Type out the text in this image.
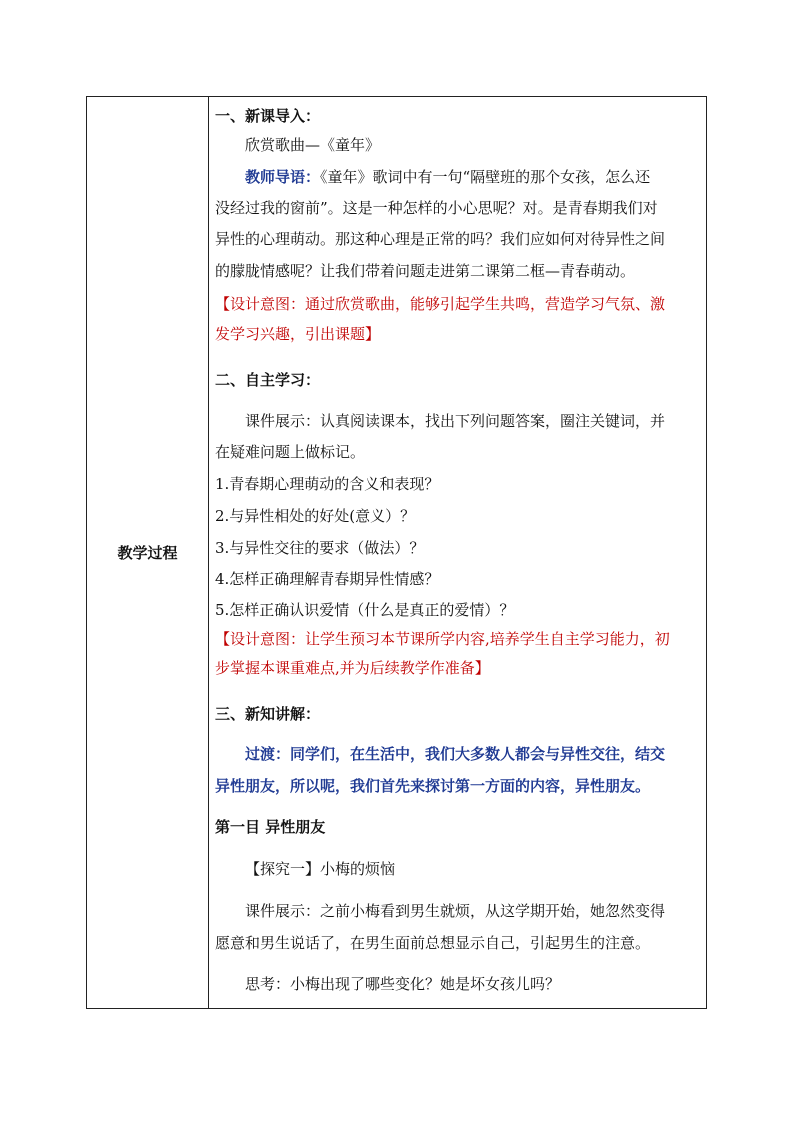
教学过程
一、新课导入：
欣赏歌曲—《童年》
教师导语：《童年》歌词中有一句“隔壁班的那个女孩，怎么还
没经过我的窗前”。这是一种怎样的小心思呢？对。是青春期我们对
异性的心理萌动。那这种心理是正常的吗？我们应如何对待异性之间
的朦胧情感呢？让我们带着问题走进第二课第二框—青春萌动。
【设计意图：通过欣赏歌曲，能够引起学生共鸣，营造学习气氛、激
发学习兴趣，引出课题】
二、自主学习：
课件展示：认真阅读课本，找出下列问题答案，圈注关键词，并
在疑难问题上做标记。
1.青春期心理萌动的含义和表现？
2.与异性相处的好处(意义）？
3.与异性交往的要求（做法）？
4.怎样正确理解青春期异性情感？
5.怎样正确认识爱情（什么是真正的爱情）？
【设计意图：让学生预习本节课所学内容,培养学生自主学习能力，初
步掌握本课重难点,并为后续教学作准备】
三、新知讲解：
过渡：同学们，在生活中，我们大多数人都会与异性交往，结交
异性朋友，所以呢，我们首先来探讨第一方面的内容，异性朋友。
第一目 异性朋友
【探究一】小梅的烦恼
课件展示：之前小梅看到男生就烦，从这学期开始，她忽然变得
愿意和男生说话了，在男生面前总想显示自己，引起男生的注意。
思考：小梅出现了哪些变化？她是坏女孩儿吗？
